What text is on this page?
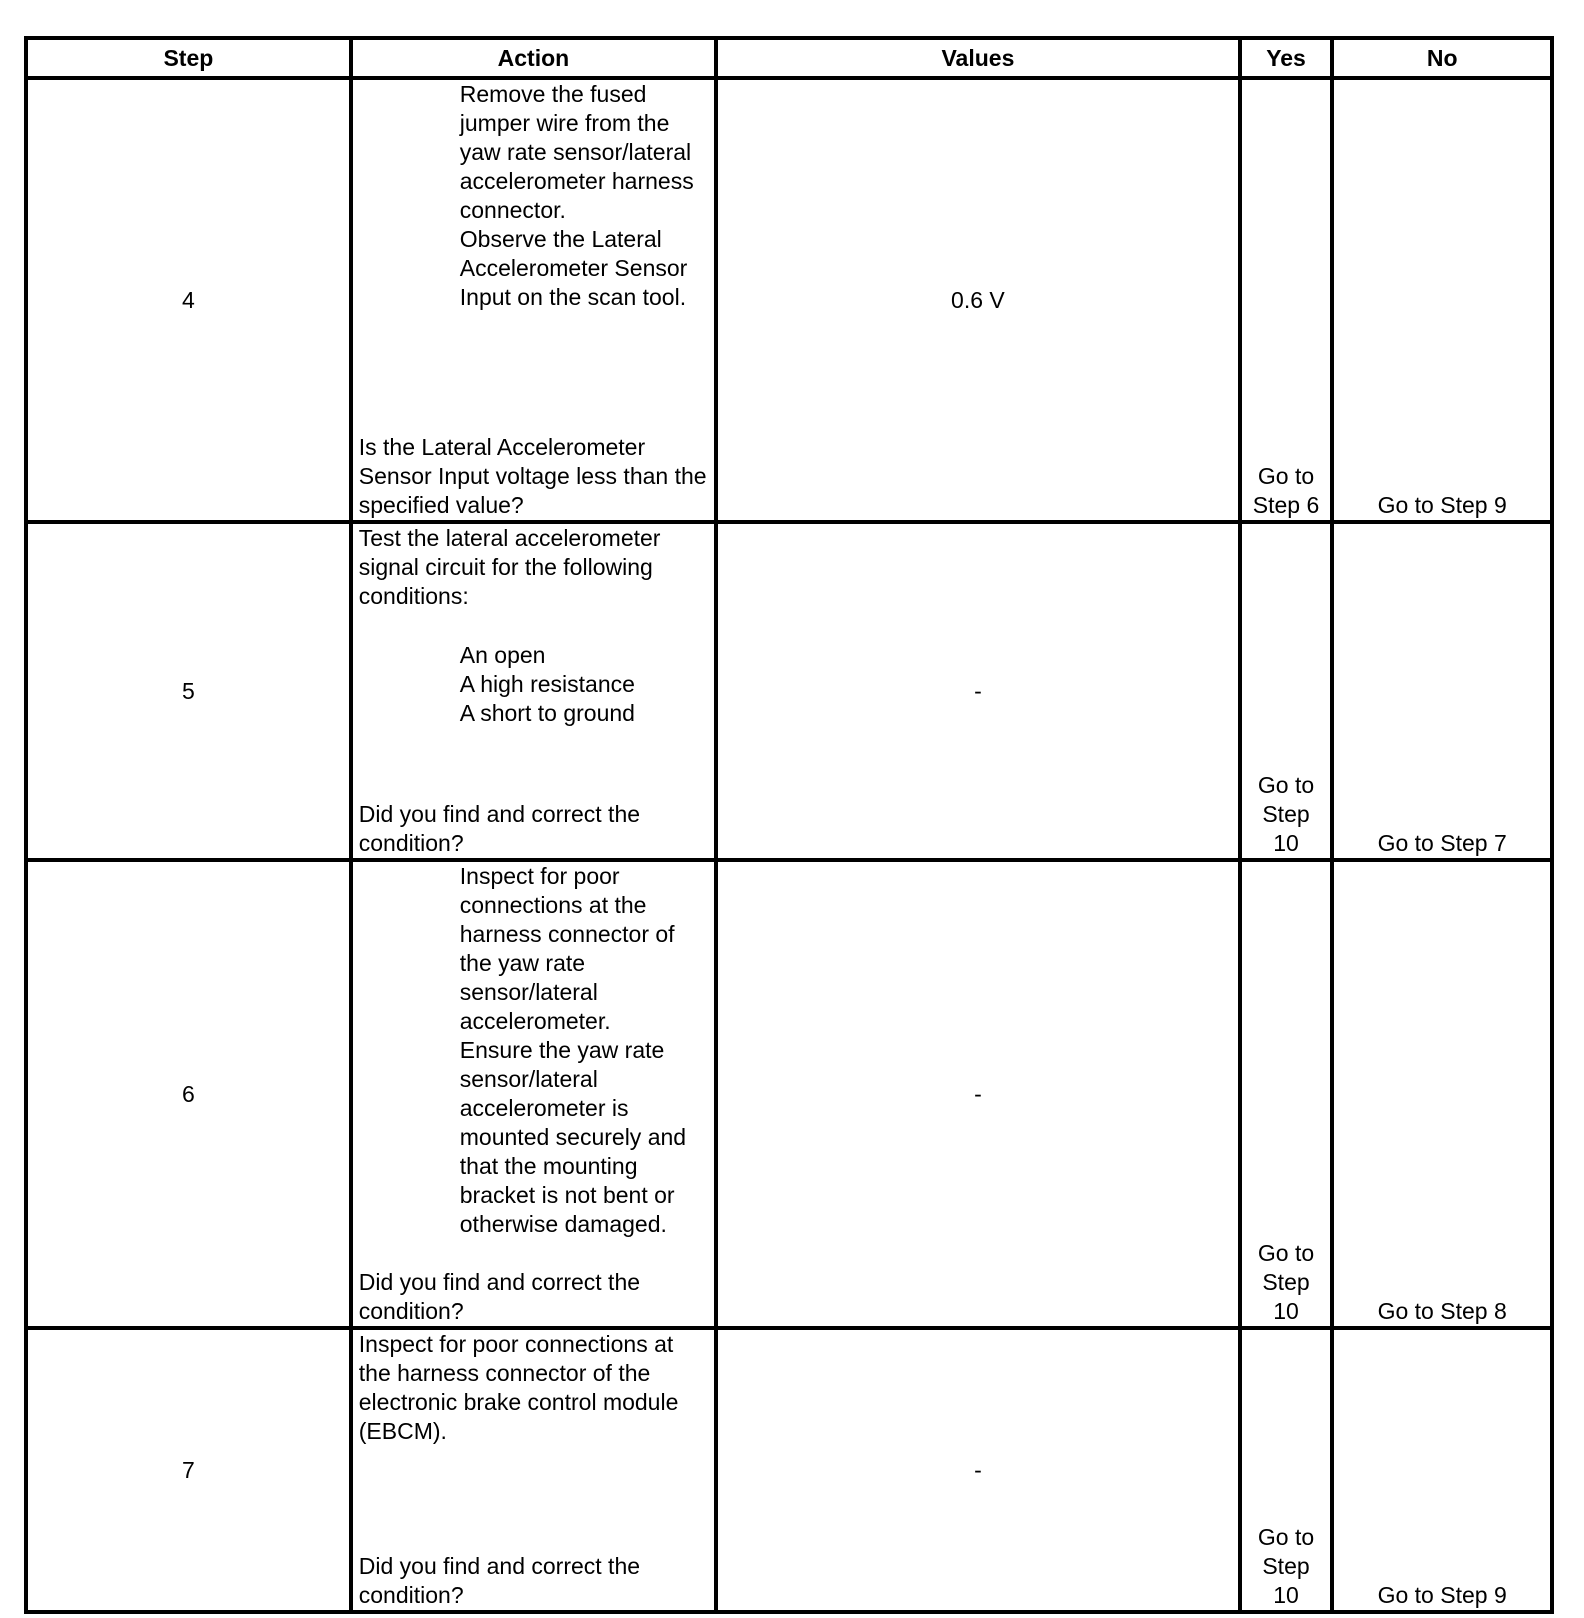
Step	Action	Values	Yes	No
4	Remove the fused jumper wire from the yaw rate sensor/lateral accelerometer harness connector.
Observe the Lateral Accelerometer Sensor Input on the scan tool.
Is the Lateral Accelerometer Sensor Input voltage less than the specified value?	0.6 V	Go to Step 6	Go to Step 9
5	Test the lateral accelerometer signal circuit for the following conditions:
An open
A high resistance
A short to ground
Did you find and correct the condition?	-	Go to Step 10	Go to Step 7
6	Inspect for poor connections at the harness connector of the yaw rate sensor/lateral accelerometer.
Ensure the yaw rate sensor/lateral accelerometer is mounted securely and that the mounting bracket is not bent or otherwise damaged.
Did you find and correct the condition?	-	Go to Step 10	Go to Step 8
7	Inspect for poor connections at the harness connector of the electronic brake control module (EBCM).
Did you find and correct the condition?	-	Go to Step 10	Go to Step 9
